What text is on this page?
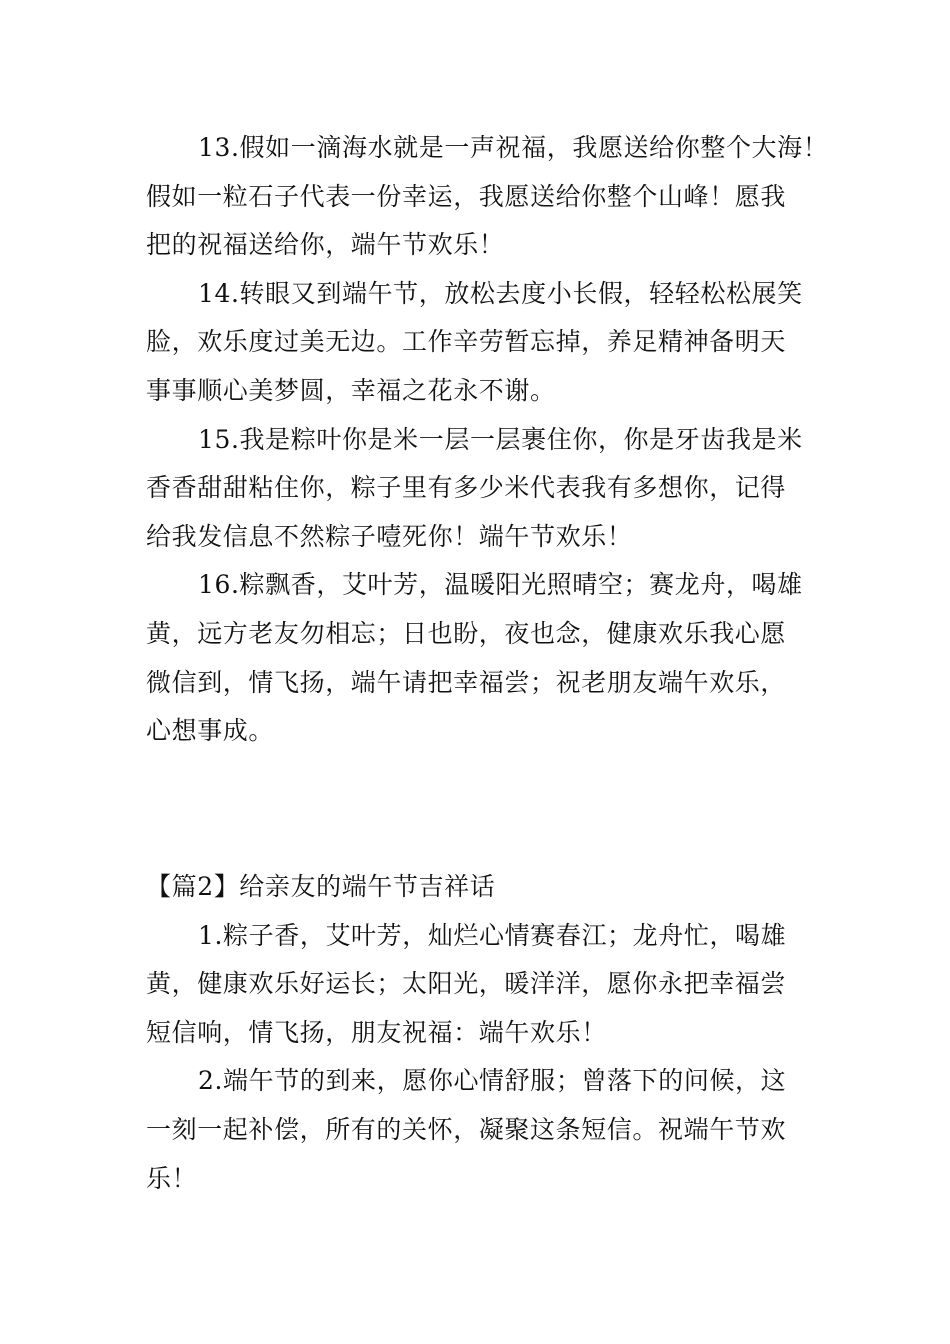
13.假如一滴海水就是一声祝福，我愿送给你整个大海！
假如一粒石子代表一份幸运，我愿送给你整个山峰！愿我
把的祝福送给你，端午节欢乐！
14.转眼又到端午节，放松去度小长假，轻轻松松展笑
脸，欢乐度过美无边。工作辛劳暂忘掉，养足精神备明天
事事顺心美梦圆，幸福之花永不谢。
15.我是粽叶你是米一层一层裹住你，你是牙齿我是米
香香甜甜粘住你，粽子里有多少米代表我有多想你，记得
给我发信息不然粽子噎死你！端午节欢乐！
16.粽飘香，艾叶芳，温暖阳光照晴空；赛龙舟，喝雄
黄，远方老友勿相忘；日也盼，夜也念，健康欢乐我心愿
微信到，情飞扬，端午请把幸福尝；祝老朋友端午欢乐，
心想事成。
【篇2】给亲友的端午节吉祥话
1.粽子香，艾叶芳，灿烂心情赛春江；龙舟忙，喝雄
黄，健康欢乐好运长；太阳光，暖洋洋，愿你永把幸福尝
短信响，情飞扬，朋友祝福：端午欢乐！
2.端午节的到来，愿你心情舒服；曾落下的问候，这
一刻一起补偿，所有的关怀，凝聚这条短信。祝端午节欢
乐！
